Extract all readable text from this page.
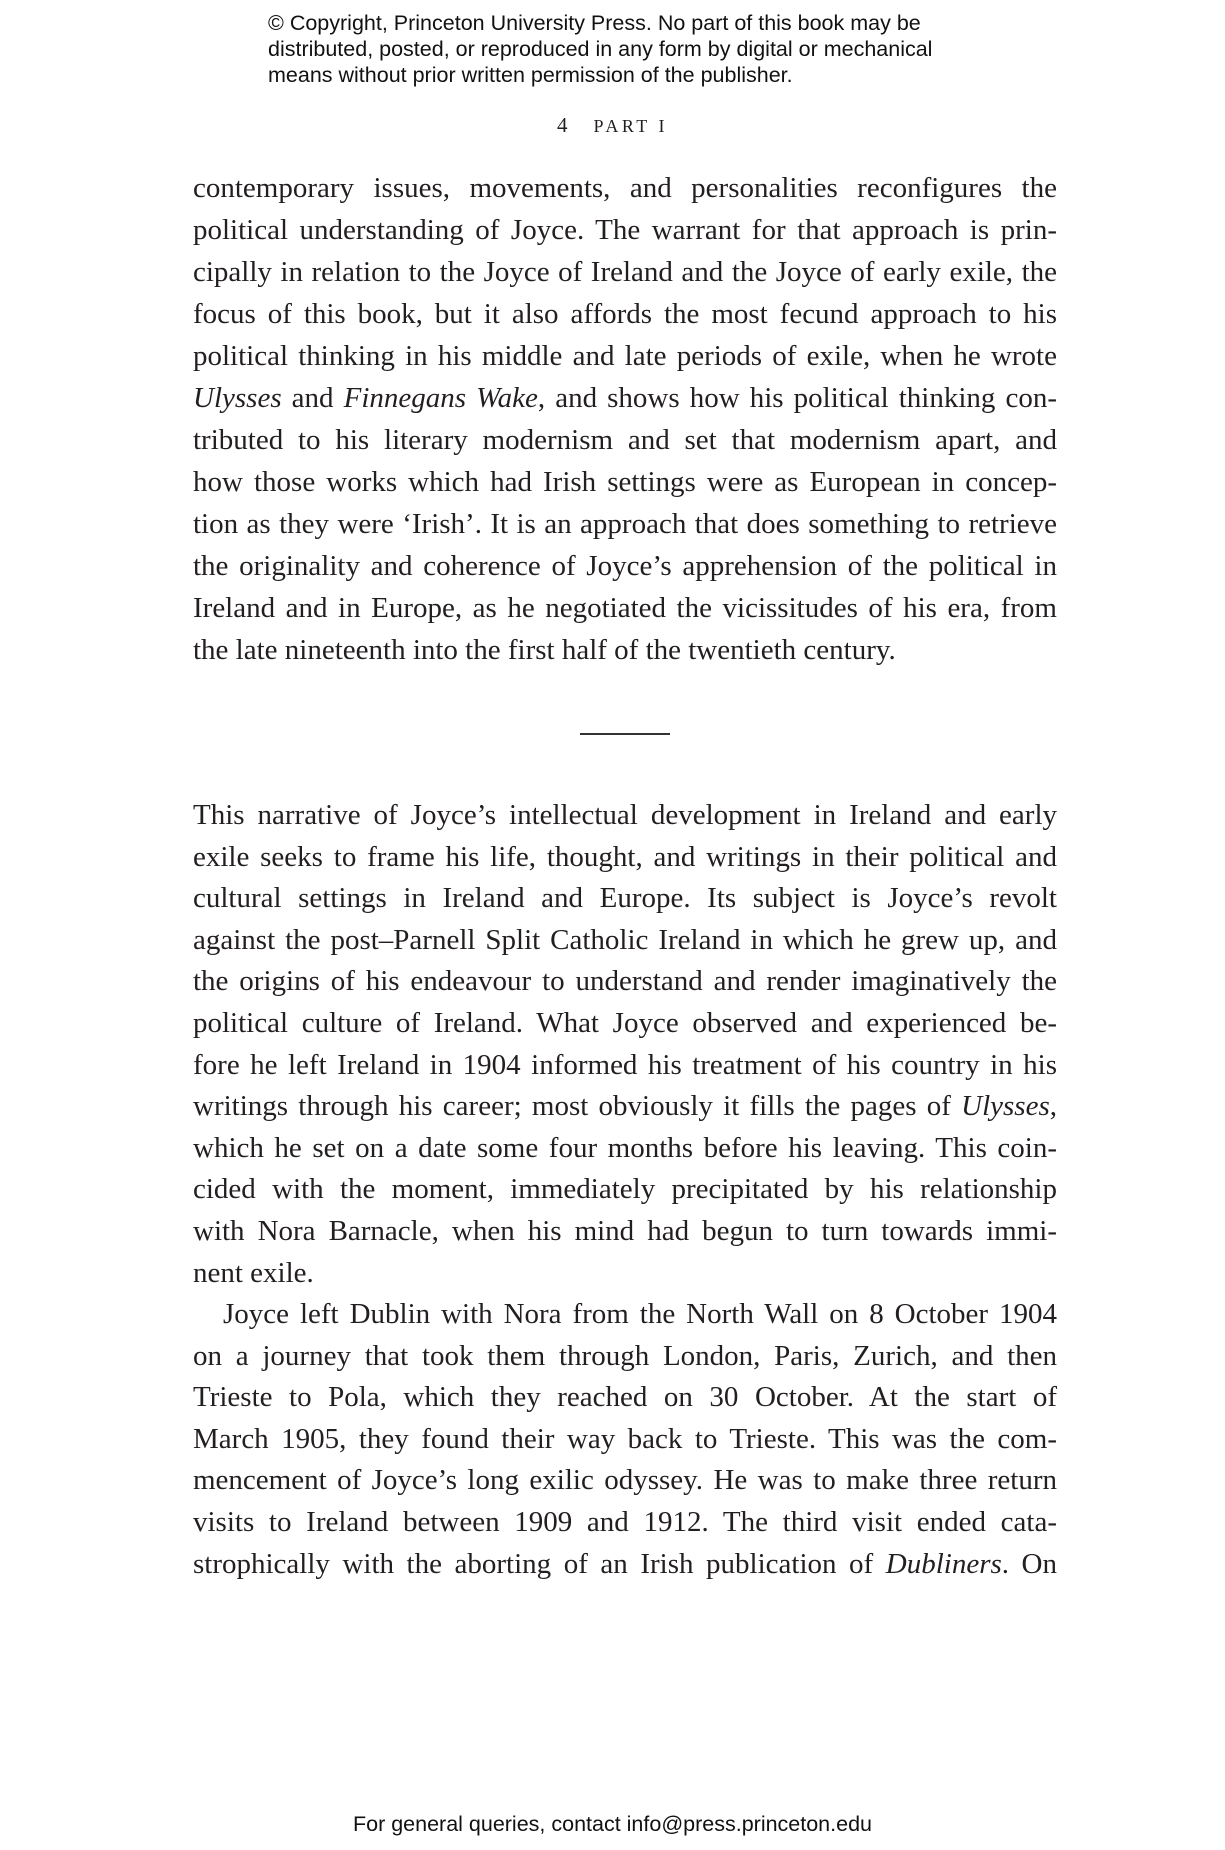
© Copyright, Princeton University Press. No part of this book may be
distributed, posted, or reproduced in any form by digital or mechanical
means without prior written permission of the publisher.
4 PART I
contemporary issues, movements, and personalities reconfigures the
political understanding of Joyce. The warrant for that approach is prin-
cipally in relation to the Joyce of Ireland and the Joyce of early exile, the
focus of this book, but it also affords the most fecund approach to his
political thinking in his middle and late periods of exile, when he wrote
Ulysses and Finnegans Wake, and shows how his political thinking con-
tributed to his literary modernism and set that modernism apart, and
how those works which had Irish settings were as European in concep-
tion as they were ‘Irish’. It is an approach that does something to retrieve
the originality and coherence of Joyce’s apprehension of the political in
Ireland and in Europe, as he negotiated the vicissitudes of his era, from
the late nineteenth into the first half of the twentieth century.
This narrative of Joyce’s intellectual development in Ireland and early
exile seeks to frame his life, thought, and writings in their political and
cultural settings in Ireland and Europe. Its subject is Joyce’s revolt
against the post–Parnell Split Catholic Ireland in which he grew up, and
the origins of his endeavour to understand and render imaginatively the
political culture of Ireland. What Joyce observed and experienced be-
fore he left Ireland in 1904 informed his treatment of his country in his
writings through his career; most obviously it fills the pages of Ulysses,
which he set on a date some four months before his leaving. This coin-
cided with the moment, immediately precipitated by his relationship
with Nora Barnacle, when his mind had begun to turn towards immi-
nent exile.
Joyce left Dublin with Nora from the North Wall on 8 October 1904
on a journey that took them through London, Paris, Zurich, and then
Trieste to Pola, which they reached on 30 October. At the start of
March 1905, they found their way back to Trieste. This was the com-
mencement of Joyce’s long exilic odyssey. He was to make three return
visits to Ireland between 1909 and 1912. The third visit ended cata-
strophically with the aborting of an Irish publication of Dubliners. On
For general queries, contact info@press.princeton.edu
